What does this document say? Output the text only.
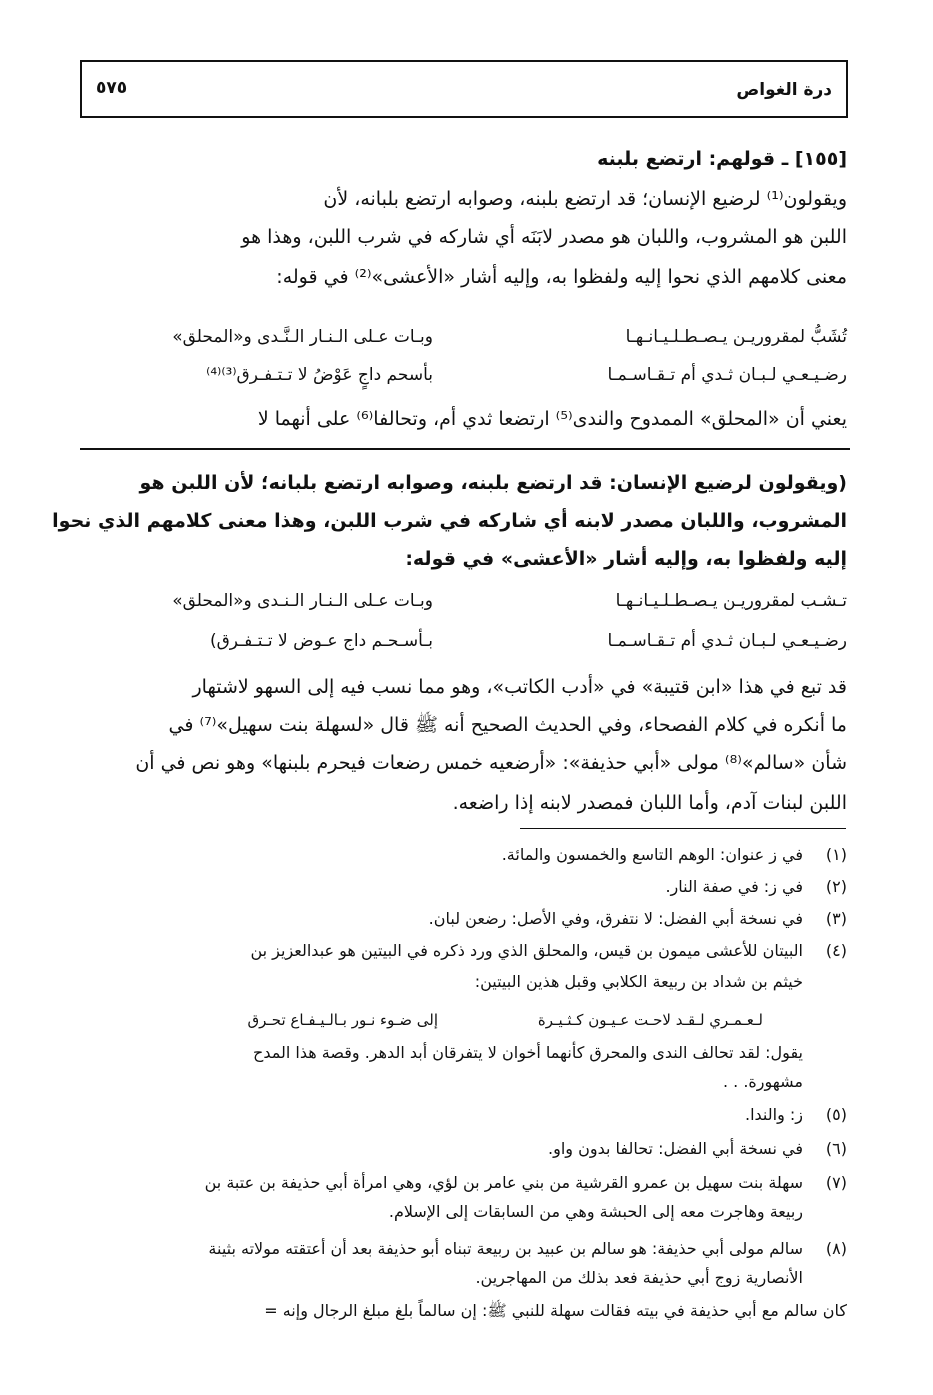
درة الغواص
٥٧٥
[١٥٥] ـ قولهم: ارتضع بلبنه
ويقولون⁽¹⁾ لرضيع الإنسان؛ قد ارتضع بلبنه، وصوابه ارتضع بلبانه، لأن
اللبن هو المشروب، واللبان هو مصدر لابَنَه أي شاركه في شرب اللبن، وهذا هو
معنى كلامهم الذي نحوا إليه ولفظوا به، وإليه أشار «الأعشى»⁽²⁾ في قوله:
تُشَبُّ لمقروريـن يـصـطـلـيـانـهـا
وبـات عـلى الـنـار الـنَّـدى و«المحلق»
رضـيـعـي لـبـان ثـدي أم تـقـاسـمـا
بأسحم داجٍ عَوْضُ لا تـتـفـرق⁽³⁾⁽⁴⁾
يعني أن «المحلق» الممدوح والندى⁽⁵⁾ ارتضعا ثدي أم، وتحالفا⁽⁶⁾ على أنهما لا
(ويقولون لرضيع الإنسان: قد ارتضع بلبنه، وصوابه ارتضع بلبانه؛ لأن اللبن هو
المشروب، واللبان مصدر لابنه أي شاركه في شرب اللبن، وهذا معنى كلامهم الذي نحوا
إليه ولفظوا به، وإليه أشار «الأعشى» في قوله:
تـشـب لمقروريـن يـصـطـلـيـانـهـا
وبـات عـلى الـنـار الـنـدى و«المحلق»
رضـيـعـي لـبـان ثـدي أم تـقـاسـمـا
بـأسـحـم داج عـوض لا تـتـفـرق)
قد تبع في هذا «ابن قتيبة» في «أدب الكاتب»، وهو مما نسب فيه إلى السهو لاشتهار
ما أنكره في كلام الفصحاء، وفي الحديث الصحيح أنه ﷺ قال «لسهلة بنت سهيل»⁽⁷⁾ في
شأن «سالم»⁽⁸⁾ مولى «أبي حذيفة»: «أرضعيه خمس رضعات فيحرم بلبنها» وهو نص في أن
اللبن لبنات آدم، وأما اللبان فمصدر لابنه إذا راضعه.
(١)
في ز عنوان: الوهم التاسع والخمسون والمائة.
(٢)
في ز: في صفة النار.
(٣)
في نسخة أبي الفضل: لا نتفرق، وفي الأصل: رضعن لبان.
(٤)
البيتان للأعشى ميمون بن قيس، والمحلق الذي ورد ذكره في البيتين هو عبدالعزيز بن
خيثم بن شداد بن ربيعة الكلابي وقبل هذين البيتين:
لـعـمـري لـقـد لاحـت عـيـون كـثـيـرة
إلى ضـوء نـور بـالـيـفـاع تحـرق
يقول: لقد تحالف الندى والمحرق كأنهما أخوان لا يتفرقان أبد الدهر. وقصة هذا المدح
مشهورة. . .
(٥)
ز: والندا.
(٦)
في نسخة أبي الفضل: تحالفا بدون واو.
(٧)
سهلة بنت سهيل بن عمرو القرشية من بني عامر بن لؤي، وهي امرأة أبي حذيفة بن عتبة بن
ربيعة وهاجرت معه إلى الحبشة وهي من السابقات إلى الإسلام.
(٨)
سالم مولى أبي حذيفة: هو سالم بن عبيد بن ربيعة تبناه أبو حذيفة بعد أن أعتقته مولاته بثينة
الأنصارية زوج أبي حذيفة فعد بذلك من المهاجرين.
كان سالم مع أبي حذيفة في بيته فقالت سهلة للنبي ﷺ: إن سالماً بلغ مبلغ الرجال وإنه =
